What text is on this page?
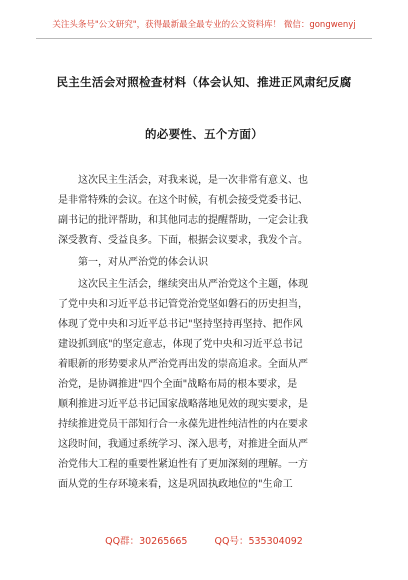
关注头条号"公文研究"，获得最新最全最专业的公文资料库！ 微信：gongwenyj
民主生活会对照检查材料（体会认知、推进正风肃纪反腐
的必要性、五个方面）
这次民主生活会，对我来说，是一次非常有意义、也
是非常特殊的会议。在这个时候，有机会接受党委书记、
副书记的批评帮助，和其他同志的提醒帮助，一定会让我
深受教育、受益良多。下面，根据会议要求，我发个言。
第一，对从严治党的体会认识
这次民主生活会，继续突出从严治党这个主题，体现
了党中央和习近平总书记管党治党坚如磐石的历史担当，
体现了党中央和习近平总书记"坚持坚持再坚持、把作风
建设抓到底"的坚定意志，体现了党中央和习近平总书记
着眼新的形势要求从严治党再出发的崇高追求。全面从严
治党，是协调推进"四个全面"战略布局的根本要求，是
顺利推进习近平总书记国家战略落地见效的现实要求，是
持续推进党员干部知行合一永葆先进性纯洁性的内在要求
这段时间，我通过系统学习、深入思考，对推进全面从严
治党伟大工程的重要性紧迫性有了更加深刻的理解。一方
面从党的生存环境来看，这是巩固执政地位的"生命工
QQ群：30265665	QQ号：535304092
